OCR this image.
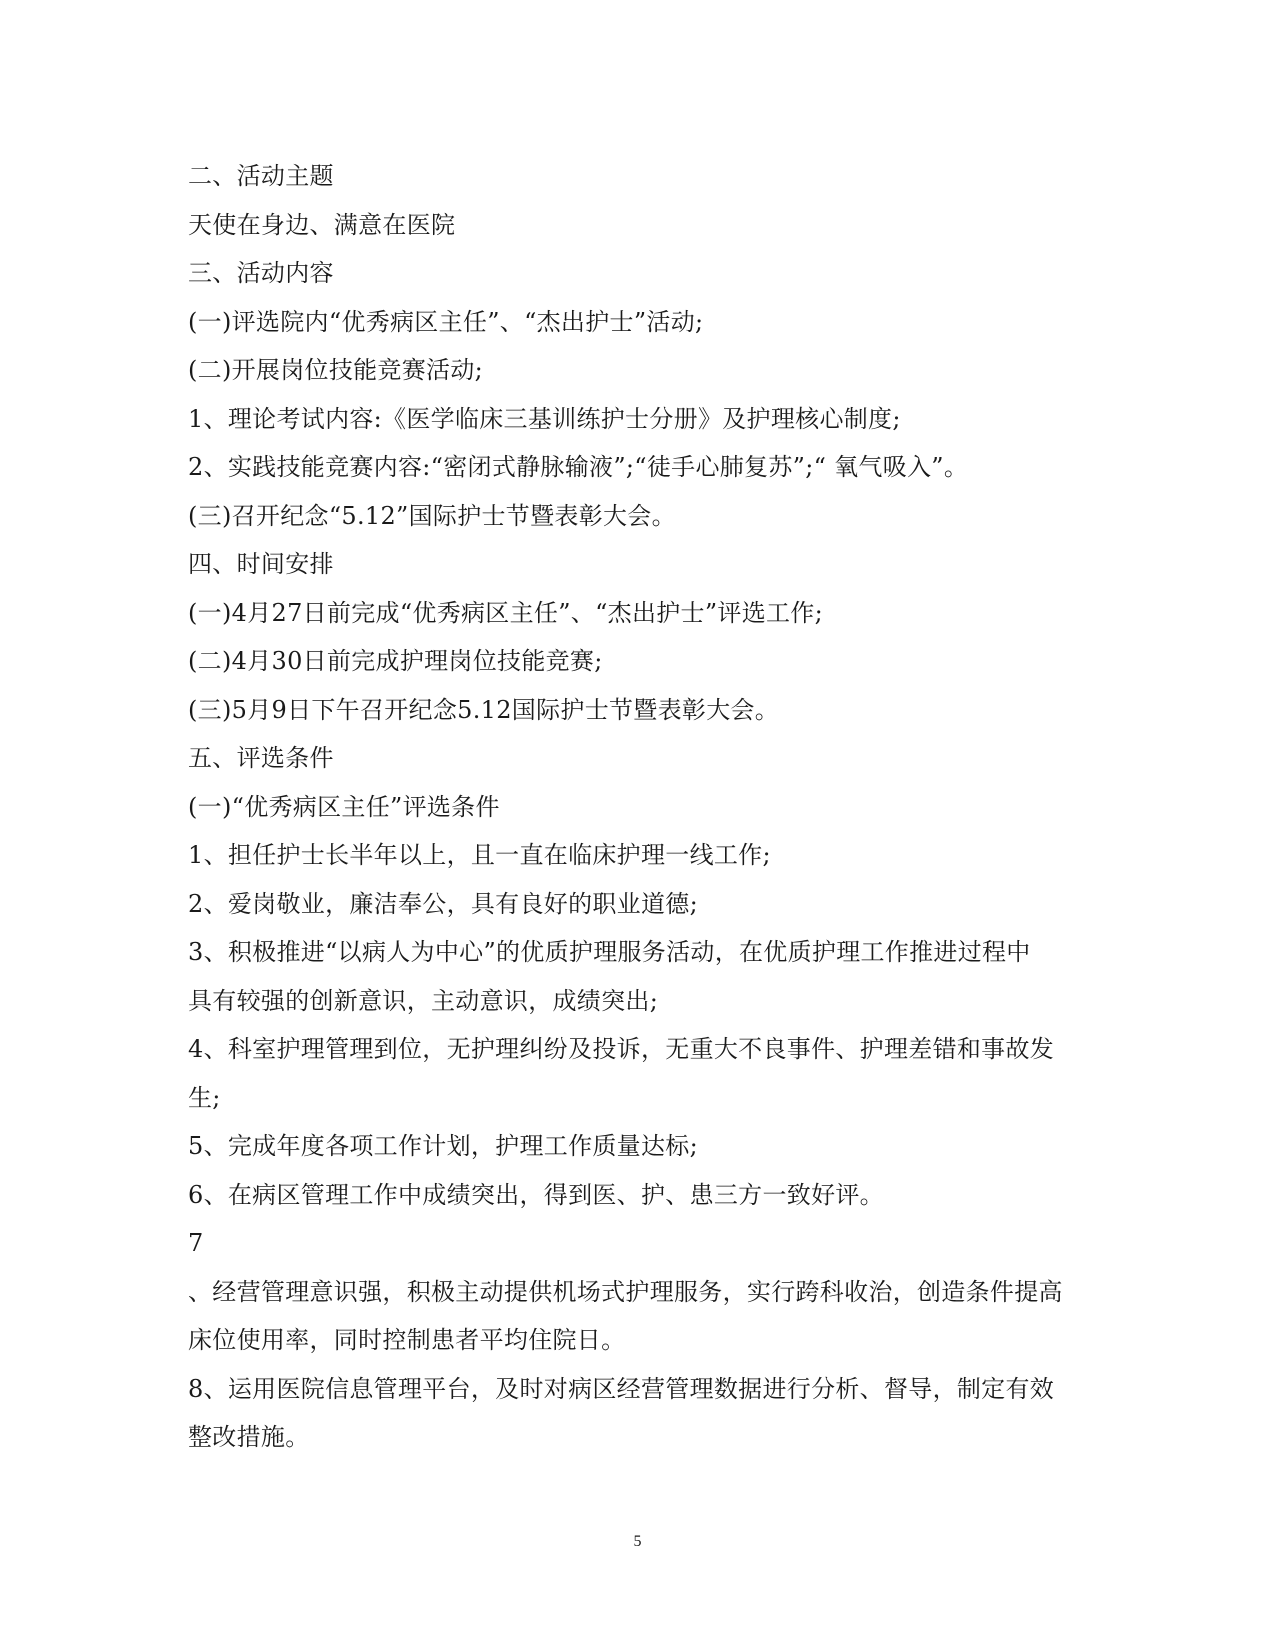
二、活动主题
天使在身边、满意在医院
三、活动内容
(一)评选院内“优秀病区主任”、“杰出护士”活动;
(二)开展岗位技能竞赛活动;
1、理论考试内容:《医学临床三基训练护士分册》及护理核心制度;
2、实践技能竞赛内容:“密闭式静脉输液”;“徒手心肺复苏”;“ 氧气吸入”。
(三)召开纪念“5.12”国际护士节暨表彰大会。
四、时间安排
(一)4月27日前完成“优秀病区主任”、“杰出护士”评选工作;
(二)4月30日前完成护理岗位技能竞赛;
(三)5月9日下午召开纪念5.12国际护士节暨表彰大会。
五、评选条件
(一)“优秀病区主任”评选条件
1、担任护士长半年以上，且一直在临床护理一线工作;
2、爱岗敬业，廉洁奉公，具有良好的职业道德;
3、积极推进“以病人为中心”的优质护理服务活动，在优质护理工作推进过程中
具有较强的创新意识，主动意识，成绩突出;
4、科室护理管理到位，无护理纠纷及投诉，无重大不良事件、护理差错和事故发
生;
5、完成年度各项工作计划，护理工作质量达标;
6、在病区管理工作中成绩突出，得到医、护、患三方一致好评。
7
、经营管理意识强，积极主动提供机场式护理服务，实行跨科收治，创造条件提高
床位使用率，同时控制患者平均住院日。
8、运用医院信息管理平台，及时对病区经营管理数据进行分析、督导，制定有效
整改措施。
5
